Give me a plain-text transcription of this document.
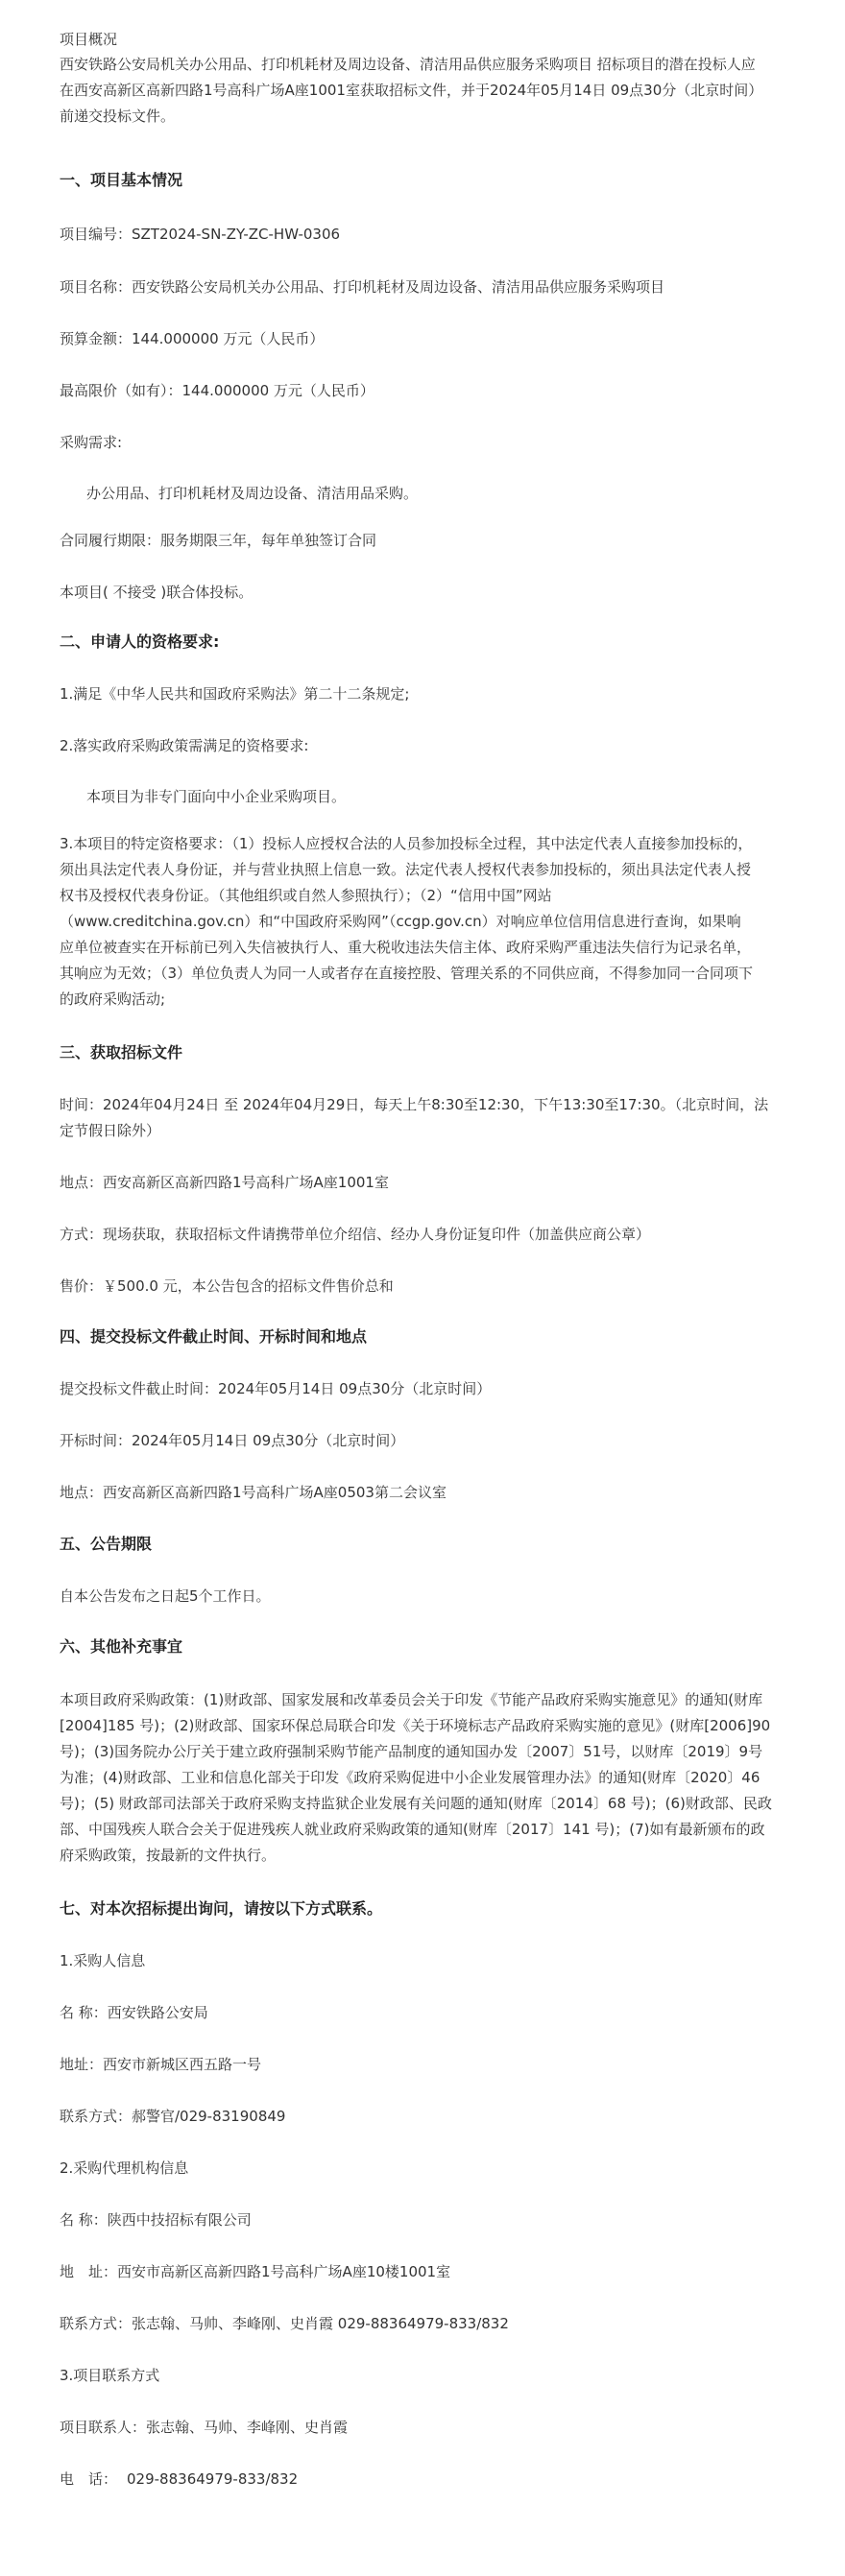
项目概况
西安铁路公安局机关办公用品、打印机耗材及周边设备、清洁用品供应服务采购项目 招标项目的潜在投标人应
在西安高新区高新四路1号高科广场A座1001室获取招标文件，并于2024年05月14日 09点30分（北京时间）
前递交投标文件。
一、项目基本情况
项目编号：SZT2024-SN-ZY-ZC-HW-0306
项目名称：西安铁路公安局机关办公用品、打印机耗材及周边设备、清洁用品供应服务采购项目
预算金额：144.000000 万元（人民币）
最高限价（如有）：144.000000 万元（人民币）
采购需求:
办公用品、打印机耗材及周边设备、清洁用品采购。
合同履行期限：服务期限三年，每年单独签订合同
本项目( 不接受 )联合体投标。
二、申请人的资格要求:
1.满足《中华人民共和国政府采购法》第二十二条规定;
2.落实政府采购政策需满足的资格要求:
本项目为非专门面向中小企业采购项目。
3.本项目的特定资格要求：（1）投标人应授权合法的人员参加投标全过程，其中法定代表人直接参加投标的，
须出具法定代表人身份证，并与营业执照上信息一致。法定代表人授权代表参加投标的，须出具法定代表人授
权书及授权代表身份证。（其他组织或自然人参照执行）；（2）“信用中国”网站
（www.creditchina.gov.cn）和“中国政府采购网”（ccgp.gov.cn）对响应单位信用信息进行查询，如果响
应单位被查实在开标前已列入失信被执行人、重大税收违法失信主体、政府采购严重违法失信行为记录名单，
其响应为无效；（3）单位负责人为同一人或者存在直接控股、管理关系的不同供应商，不得参加同一合同项下
的政府采购活动;
三、获取招标文件
时间：2024年04月24日 至 2024年04月29日，每天上午8:30至12:30，下午13:30至17:30。（北京时间，法
定节假日除外）
地点：西安高新区高新四路1号高科广场A座1001室
方式：现场获取，获取招标文件请携带单位介绍信、经办人身份证复印件（加盖供应商公章）
售价：￥500.0 元，本公告包含的招标文件售价总和
四、提交投标文件截止时间、开标时间和地点
提交投标文件截止时间：2024年05月14日 09点30分（北京时间）
开标时间：2024年05月14日 09点30分（北京时间）
地点：西安高新区高新四路1号高科广场A座0503第二会议室
五、公告期限
自本公告发布之日起5个工作日。
六、其他补充事宜
本项目政府采购政策：(1)财政部、国家发展和改革委员会关于印发《节能产品政府采购实施意见》的通知(财库
[2004]185 号)；(2)财政部、国家环保总局联合印发《关于环境标志产品政府采购实施的意见》(财库[2006]90
号)；(3)国务院办公厅关于建立政府强制采购节能产品制度的通知国办发〔2007〕51号，以财库〔2019〕9号
为准；(4)财政部、工业和信息化部关于印发《政府采购促进中小企业发展管理办法》的通知(财库〔2020〕46
号)；(5) 财政部司法部关于政府采购支持监狱企业发展有关问题的通知(财库〔2014〕68 号)；(6)财政部、民政
部、中国残疾人联合会关于促进残疾人就业政府采购政策的通知(财库〔2017〕141 号)；(7)如有最新颁布的政
府采购政策，按最新的文件执行。
七、对本次招标提出询问，请按以下方式联系。
1.采购人信息
名 称：西安铁路公安局
地址：西安市新城区西五路一号
联系方式：郝警官/029-83190849
2.采购代理机构信息
名 称：陕西中技招标有限公司
地　址：西安市高新区高新四路1号高科广场A座10楼1001室
联系方式：张志翰、马帅、李峰刚、史肖霞 029-88364979-833/832
3.项目联系方式
项目联系人：张志翰、马帅、李峰刚、史肖霞
电　话： 029-88364979-833/832
